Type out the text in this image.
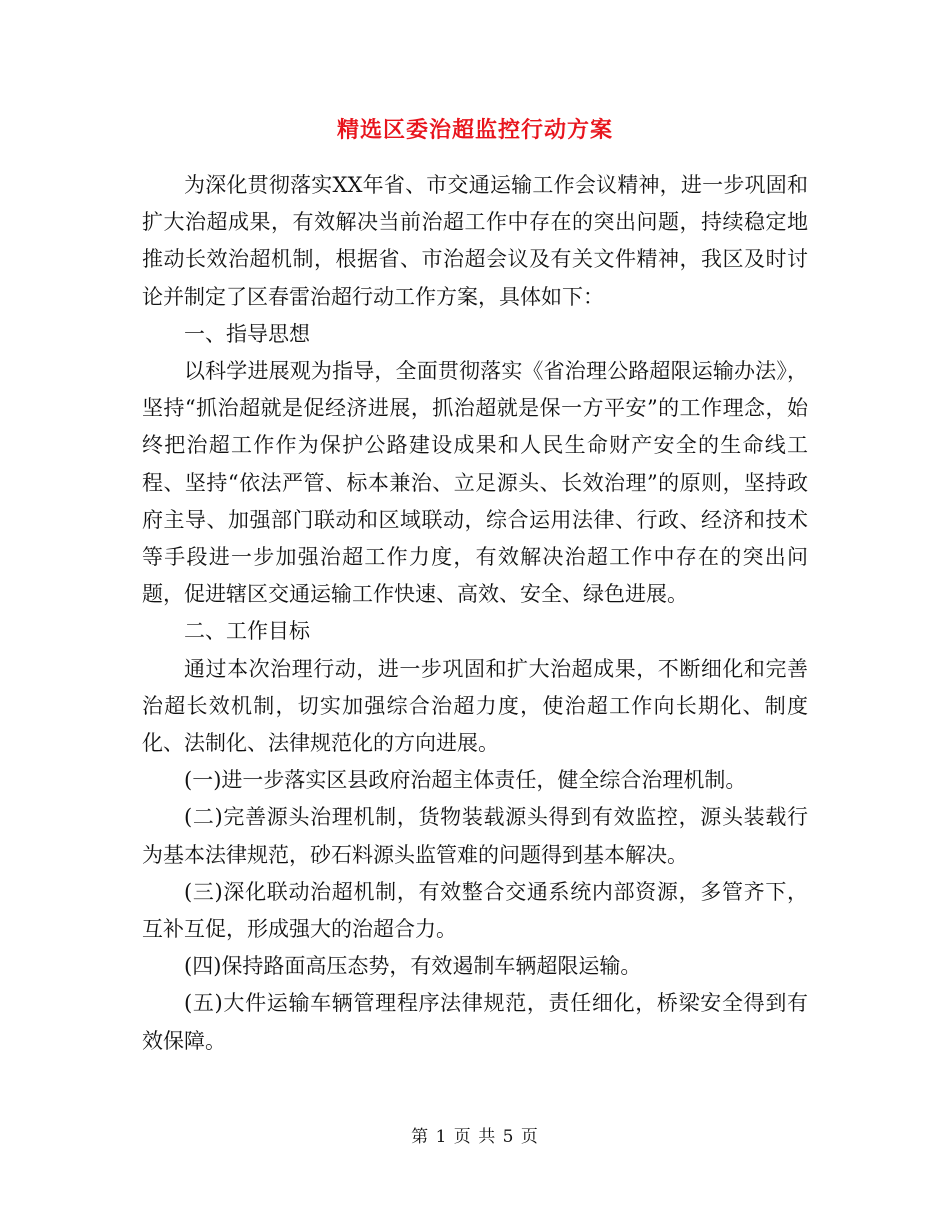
精选区委治超监控行动方案

为深化贯彻落实XX年省、市交通运输工作会议精神，进一步巩固和扩大治超成果，有效解决当前治超工作中存在的突出问题，持续稳定地推动长效治超机制，根据省、市治超会议及有关文件精神，我区及时讨论并制定了区春雷治超行动工作方案，具体如下：

一、指导思想

以科学进展观为指导，全面贯彻落实《省治理公路超限运输办法》，坚持“抓治超就是促经济进展，抓治超就是保一方平安”的工作理念，始终把治超工作作为保护公路建设成果和人民生命财产安全的生命线工程、坚持“依法严管、标本兼治、立足源头、长效治理”的原则，坚持政府主导、加强部门联动和区域联动，综合运用法律、行政、经济和技术等手段进一步加强治超工作力度，有效解决治超工作中存在的突出问题，促进辖区交通运输工作快速、高效、安全、绿色进展。

二、工作目标

通过本次治理行动，进一步巩固和扩大治超成果，不断细化和完善治超长效机制，切实加强综合治超力度，使治超工作向长期化、制度化、法制化、法律规范化的方向进展。

(一)进一步落实区县政府治超主体责任，健全综合治理机制。

(二)完善源头治理机制，货物装载源头得到有效监控，源头装载行为基本法律规范，砂石料源头监管难的问题得到基本解决。

(三)深化联动治超机制，有效整合交通系统内部资源，多管齐下，互补互促，形成强大的治超合力。

(四)保持路面高压态势，有效遏制车辆超限运输。

(五)大件运输车辆管理程序法律规范，责任细化，桥梁安全得到有效保障。

第 1 页 共 5 页
